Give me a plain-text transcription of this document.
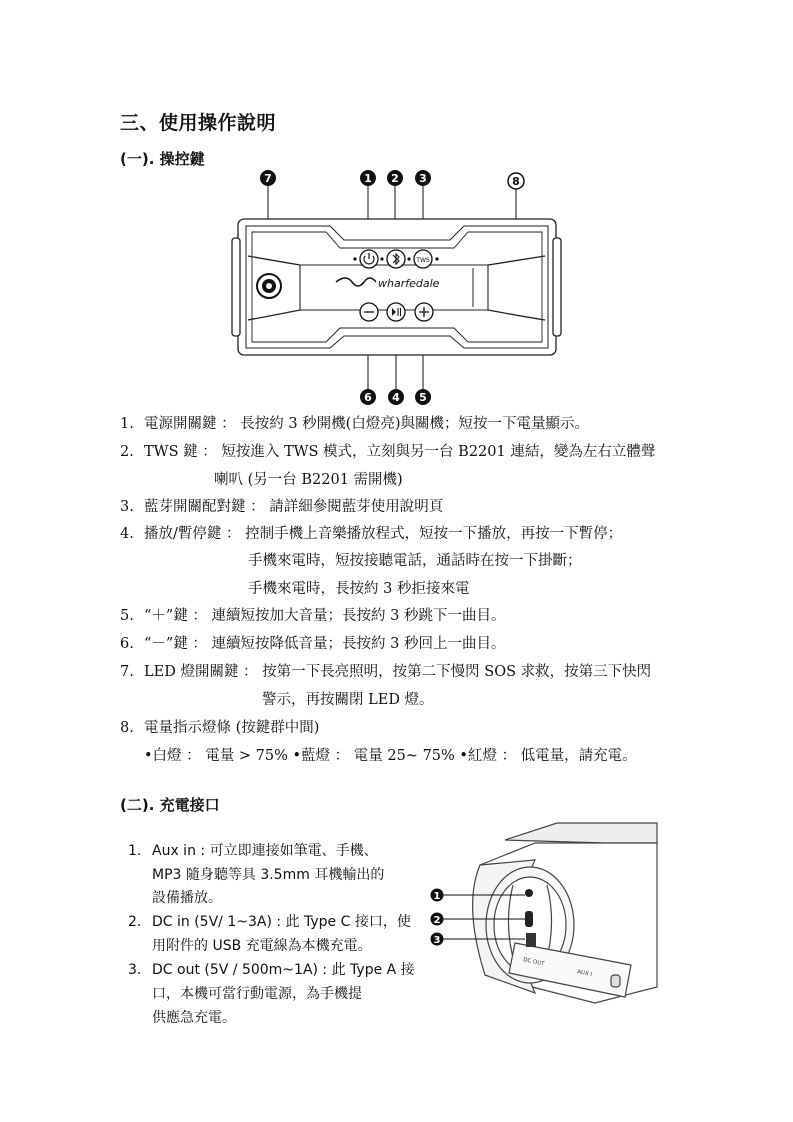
三、使用操作說明
(一). 操控鍵
TWS
wharfedale
7	1 2 3	8
6 4 5
1. 電源開關鍵 ： 長按約 3 秒開機(白燈亮)與關機；短按一下電量顯示。
2. TWS 鍵 ： 短按進入 TWS 模式，立刻與另一台 B2201 連結，變為左右立體聲
喇叭 (另一台 B2201 需開機)
3. 藍芽開關配對鍵 ： 請詳細參閱藍芽使用說明頁
4. 播放/暫停鍵 ： 控制手機上音樂播放程式，短按一下播放，再按一下暫停；
手機來電時，短按接聽電話，通話時在按一下掛斷；
手機來電時，長按約 3 秒拒接來電
5. “＋”鍵 ： 連續短按加大音量；長按約 3 秒跳下一曲目。
6. “－”鍵 ： 連續短按降低音量；長按約 3 秒回上一曲目。
7. LED 燈開關鍵 ： 按第一下長亮照明，按第二下慢閃 SOS 求救，按第三下快閃
警示，再按關閉 LED 燈。
8. 電量指示燈條 (按鍵群中間)
•白燈 ： 電量 > 75% •藍燈 ： 電量 25~ 75% •紅燈 ： 低電量，請充電。
(二). 充電接口
1. Aux in : 可立即連接如筆電、手機、
MP3 隨身聽等具 3.5mm 耳機輸出的
設備播放。
2. DC in (5V/ 1~3A) : 此 Type C 接口，使
用附件的 USB 充電線為本機充電。
3. DC out (5V / 500m~1A) : 此 Type A 接
口，本機可當行動電源，為手機提
供應急充電。
1
2
3
DC OUT
AUX I
